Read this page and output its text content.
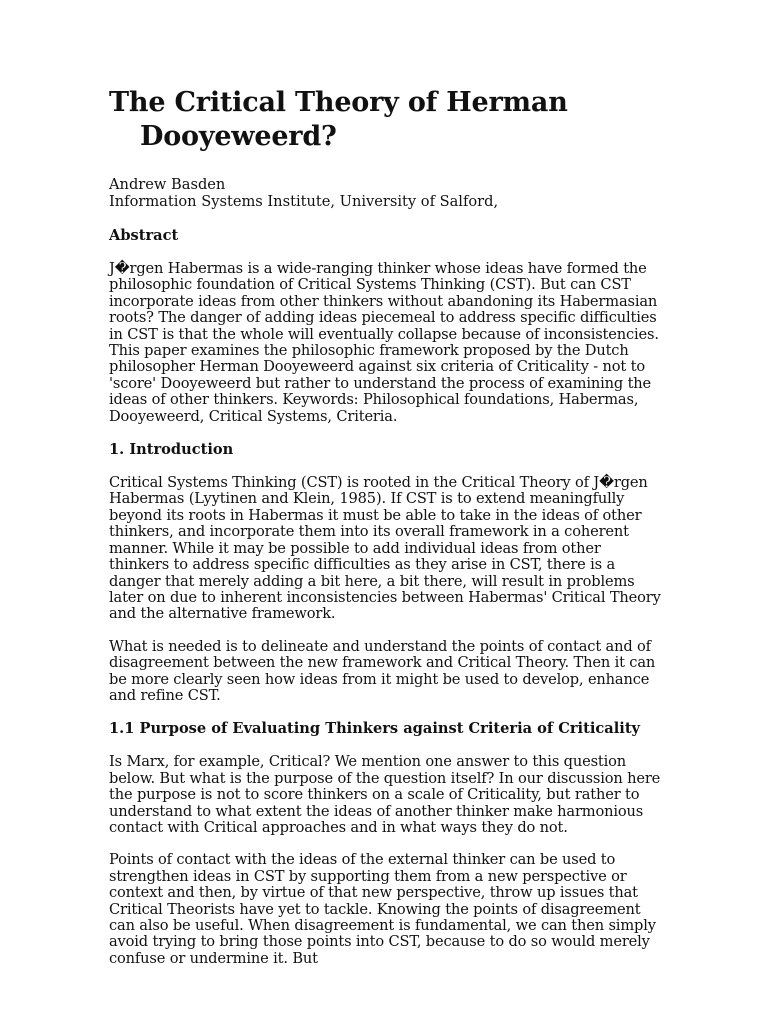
The Critical Theory of Herman
Dooyeweerd?
Andrew Basden
Information Systems Institute, University of Salford,
Abstract

J�rgen Habermas is a wide-ranging thinker whose ideas have formed the philosophic foundation of Critical Systems Thinking (CST). But can CST incorporate ideas from other thinkers without abandoning its Habermasian roots? The danger of adding ideas piecemeal to address specific difficulties in CST is that the whole will eventually collapse because of inconsistencies. This paper examines the philosophic framework proposed by the Dutch philosopher Herman Dooyeweerd against six criteria of Criticality - not to 'score' Dooyeweerd but rather to understand the process of examining the ideas of other thinkers. Keywords: Philosophical foundations, Habermas, Dooyeweerd, Critical Systems, Criteria.

1. Introduction

Critical Systems Thinking (CST) is rooted in the Critical Theory of J�rgen Habermas (Lyytinen and Klein, 1985). If CST is to extend meaningfully beyond its roots in Habermas it must be able to take in the ideas of other thinkers, and incorporate them into its overall framework in a coherent manner. While it may be possible to add individual ideas from other thinkers to address specific difficulties as they arise in CST, there is a danger that merely adding a bit here, a bit there, will result in problems later on due to inherent inconsistencies between Habermas' Critical Theory and the alternative framework.

What is needed is to delineate and understand the points of contact and of disagreement between the new framework and Critical Theory. Then it can be more clearly seen how ideas from it might be used to develop, enhance and refine CST.

1.1 Purpose of Evaluating Thinkers against Criteria of Criticality

Is Marx, for example, Critical? We mention one answer to this question below. But what is the purpose of the question itself? In our discussion here the purpose is not to score thinkers on a scale of Criticality, but rather to understand to what extent the ideas of another thinker make harmonious contact with Critical approaches and in what ways they do not.

Points of contact with the ideas of the external thinker can be used to strengthen ideas in CST by supporting them from a new perspective or context and then, by virtue of that new perspective, throw up issues that Critical Theorists have yet to tackle. Knowing the points of disagreement can also be useful. When disagreement is fundamental, we can then simply avoid trying to bring those points into CST, because to do so would merely confuse or undermine it. But
